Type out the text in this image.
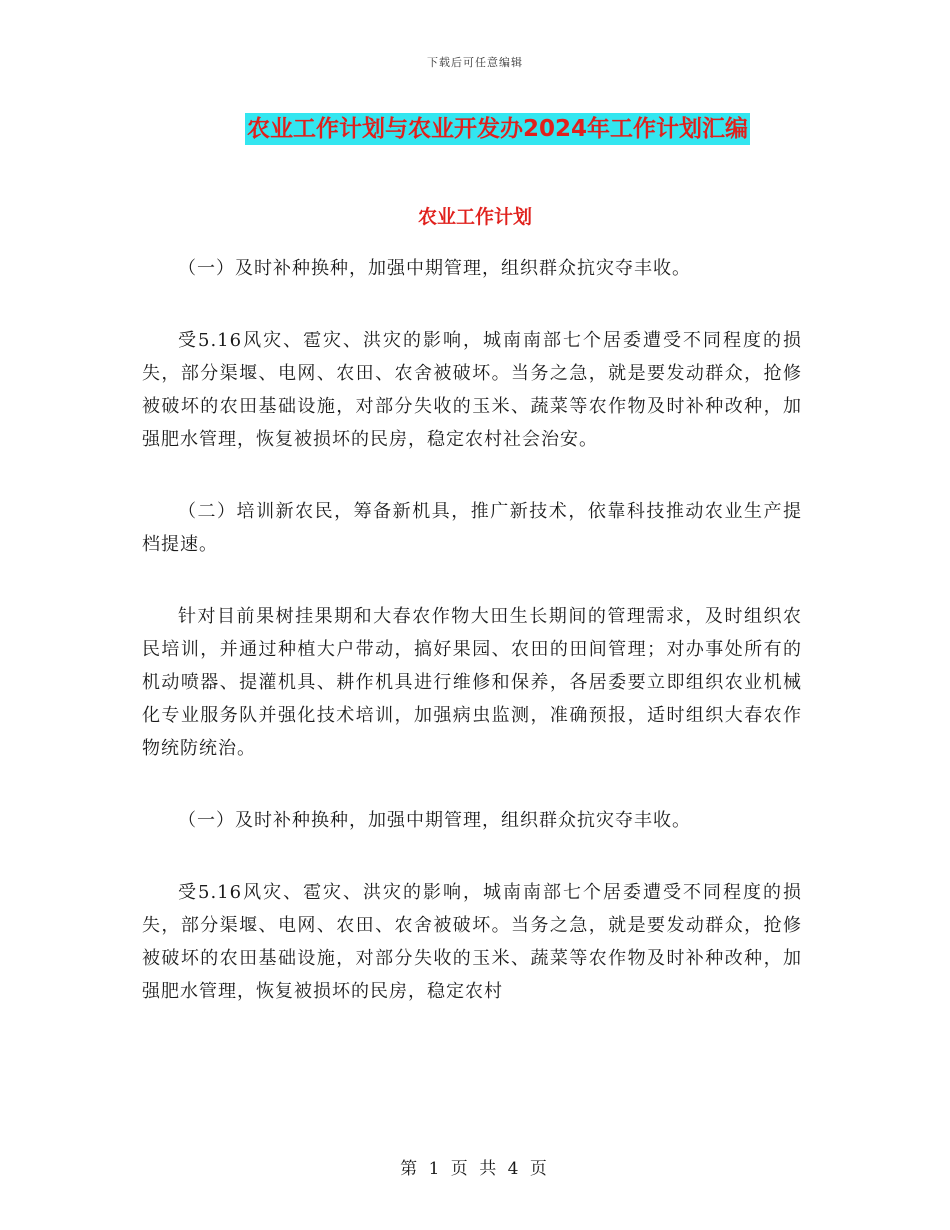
下载后可任意编辑
农业工作计划与农业开发办2024年工作计划汇编
农业工作计划

（一）及时补种换种，加强中期管理，组织群众抗灾夺丰收。

受5.16风灾、雹灾、洪灾的影响，城南南部七个居委遭受不同程度的损失，部分渠堰、电网、农田、农舍被破坏。当务之急，就是要发动群众，抢修被破坏的农田基础设施，对部分失收的玉米、蔬菜等农作物及时补种改种，加强肥水管理，恢复被损坏的民房，稳定农村社会治安。

（二）培训新农民，筹备新机具，推广新技术，依靠科技推动农业生产提档提速。

针对目前果树挂果期和大春农作物大田生长期间的管理需求，及时组织农民培训，并通过种植大户带动，搞好果园、农田的田间管理；对办事处所有的机动喷器、提灌机具、耕作机具进行维修和保养，各居委要立即组织农业机械化专业服务队并强化技术培训，加强病虫监测，准确预报，适时组织大春农作物统防统治。

（一）及时补种换种，加强中期管理，组织群众抗灾夺丰收。

受5.16风灾、雹灾、洪灾的影响，城南南部七个居委遭受不同程度的损失，部分渠堰、电网、农田、农舍被破坏。当务之急，就是要发动群众，抢修被破坏的农田基础设施，对部分失收的玉米、蔬菜等农作物及时补种改种，加强肥水管理，恢复被损坏的民房，稳定农村

第 1 页 共 4 页
